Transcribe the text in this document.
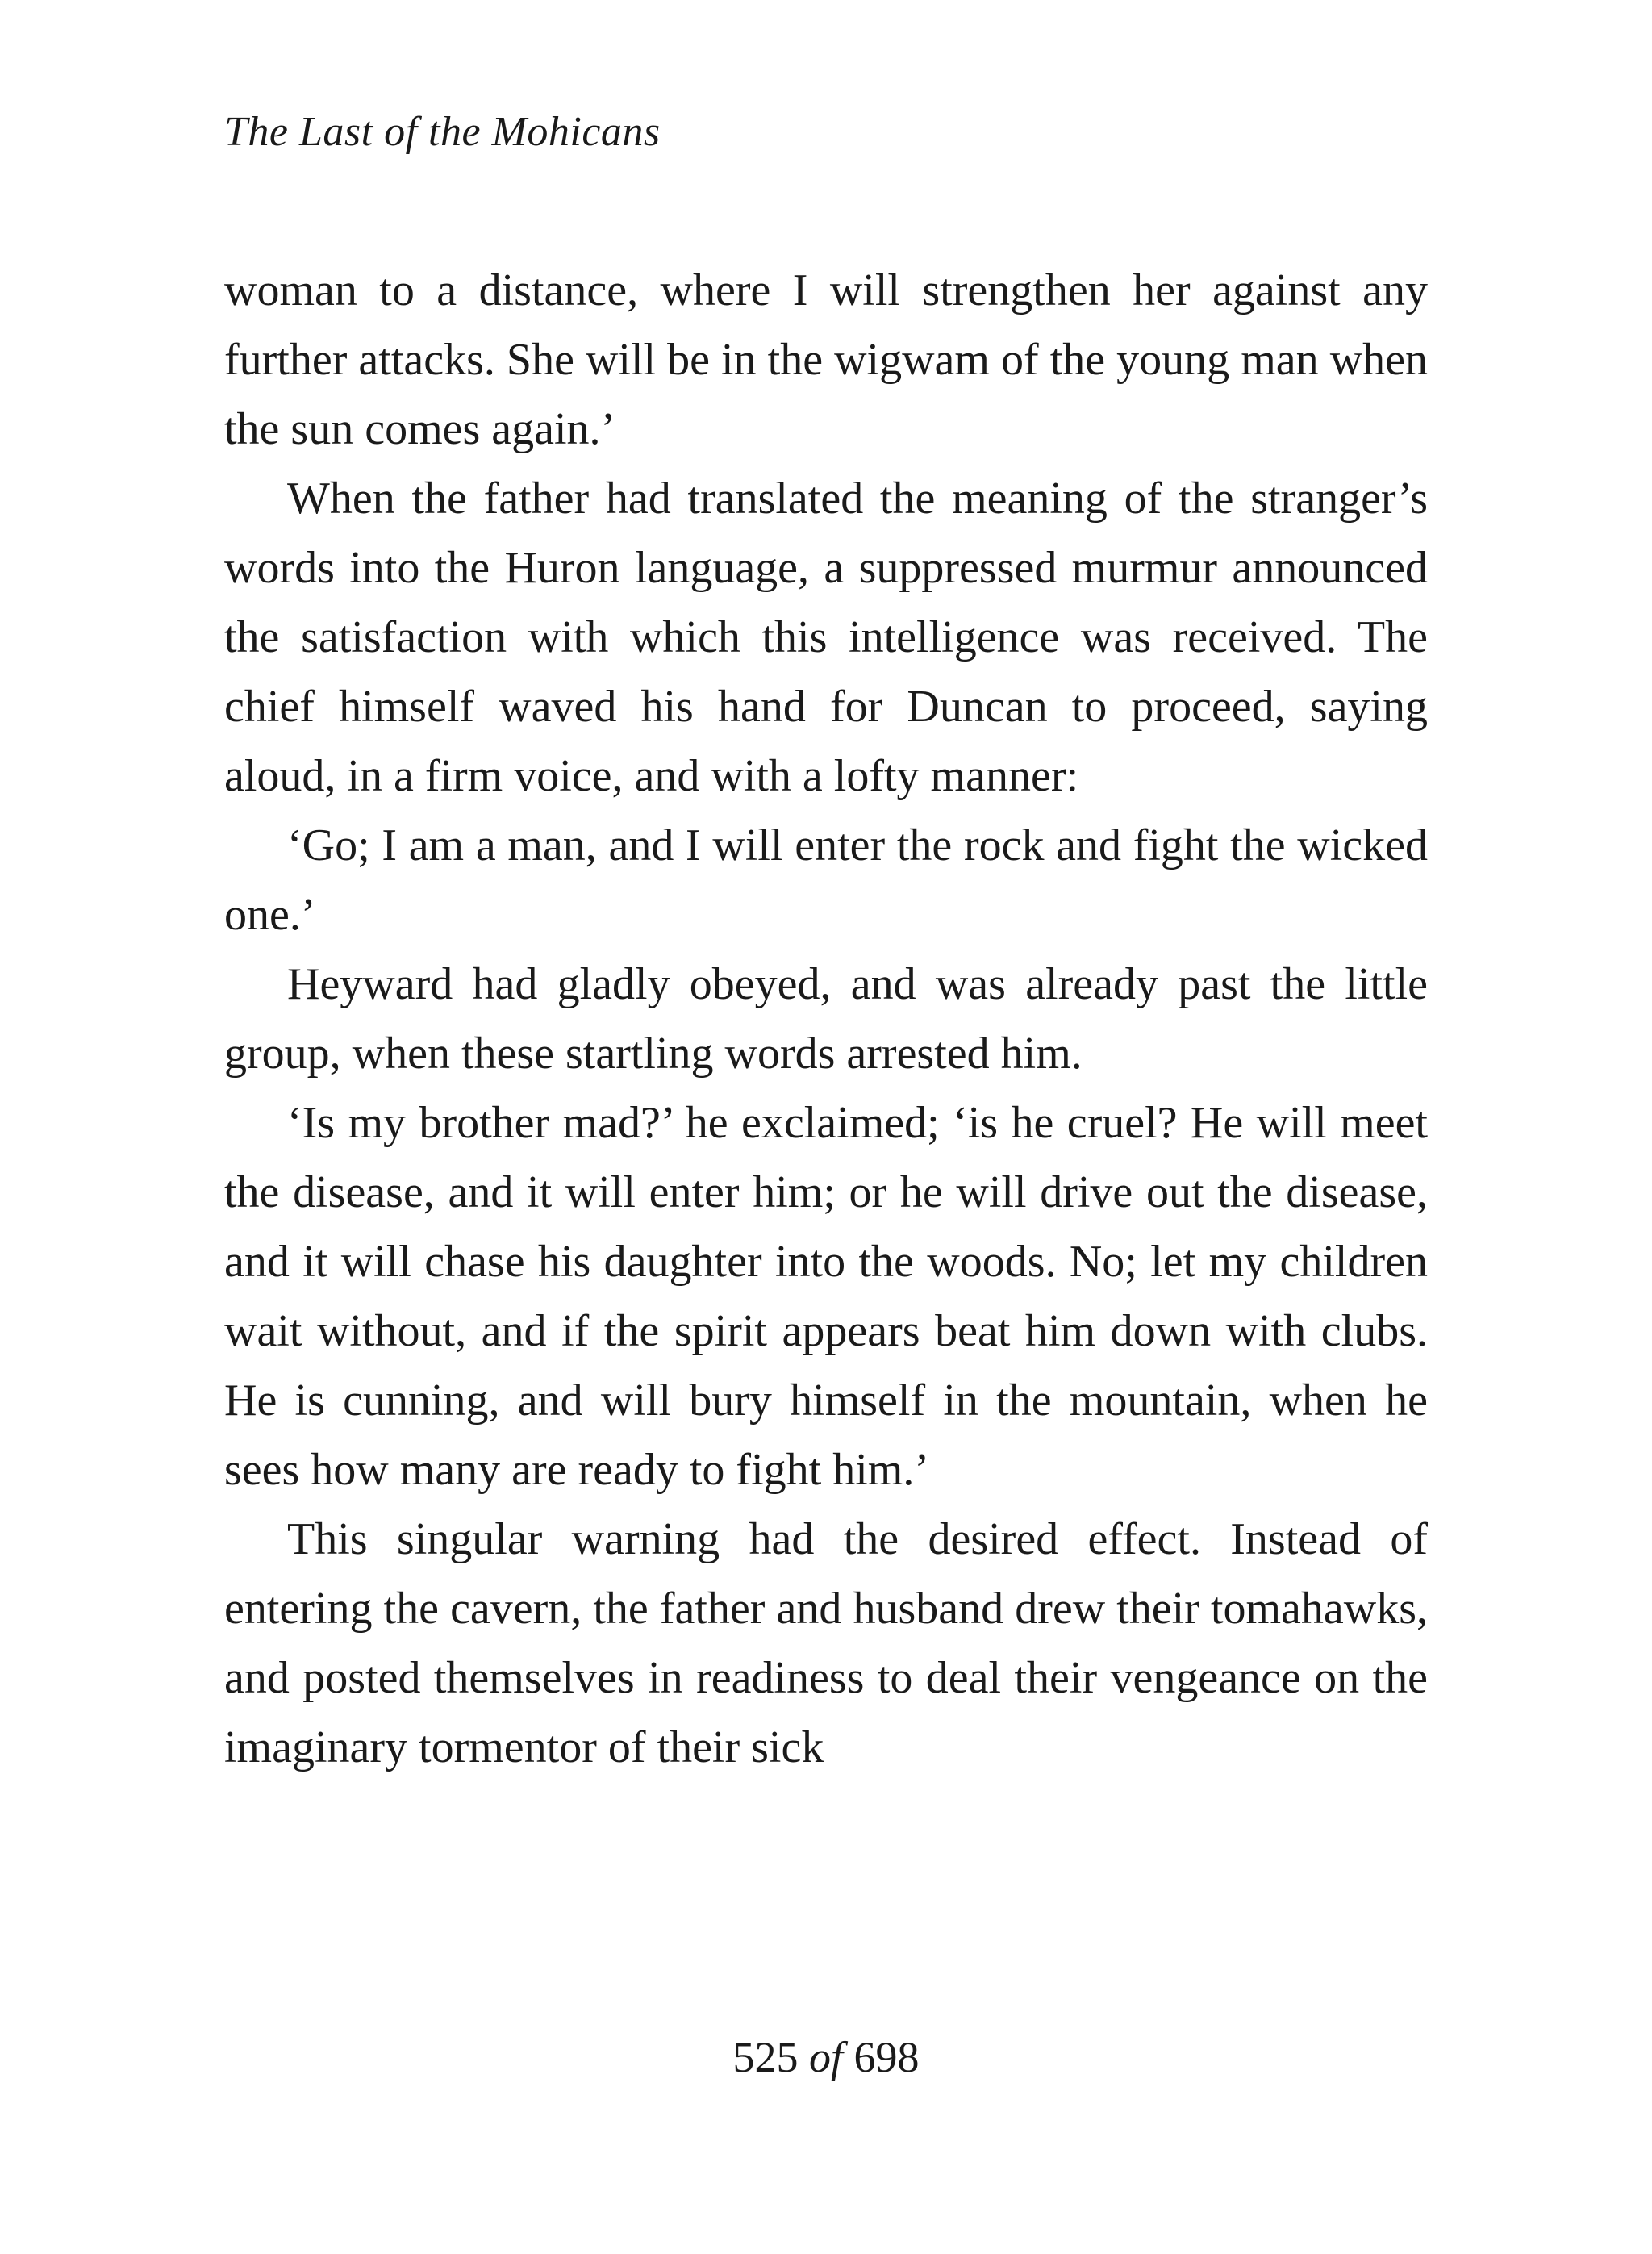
The Last of the Mohicans

woman to a distance, where I will strengthen her against any further attacks. She will be in the wigwam of the young man when the sun comes again.’

When the father had translated the meaning of the stranger’s words into the Huron language, a suppressed murmur announced the satisfaction with which this intelligence was received. The chief himself waved his hand for Duncan to proceed, saying aloud, in a firm voice, and with a lofty manner:

‘Go; I am a man, and I will enter the rock and fight the wicked one.’

Heyward had gladly obeyed, and was already past the little group, when these startling words arrested him.

‘Is my brother mad?’ he exclaimed; ‘is he cruel? He will meet the disease, and it will enter him; or he will drive out the disease, and it will chase his daughter into the woods. No; let my children wait without, and if the spirit appears beat him down with clubs. He is cunning, and will bury himself in the mountain, when he sees how many are ready to fight him.’

This singular warning had the desired effect. Instead of entering the cavern, the father and husband drew their tomahawks, and posted themselves in readiness to deal their vengeance on the imaginary tormentor of their sick

525 of 698
